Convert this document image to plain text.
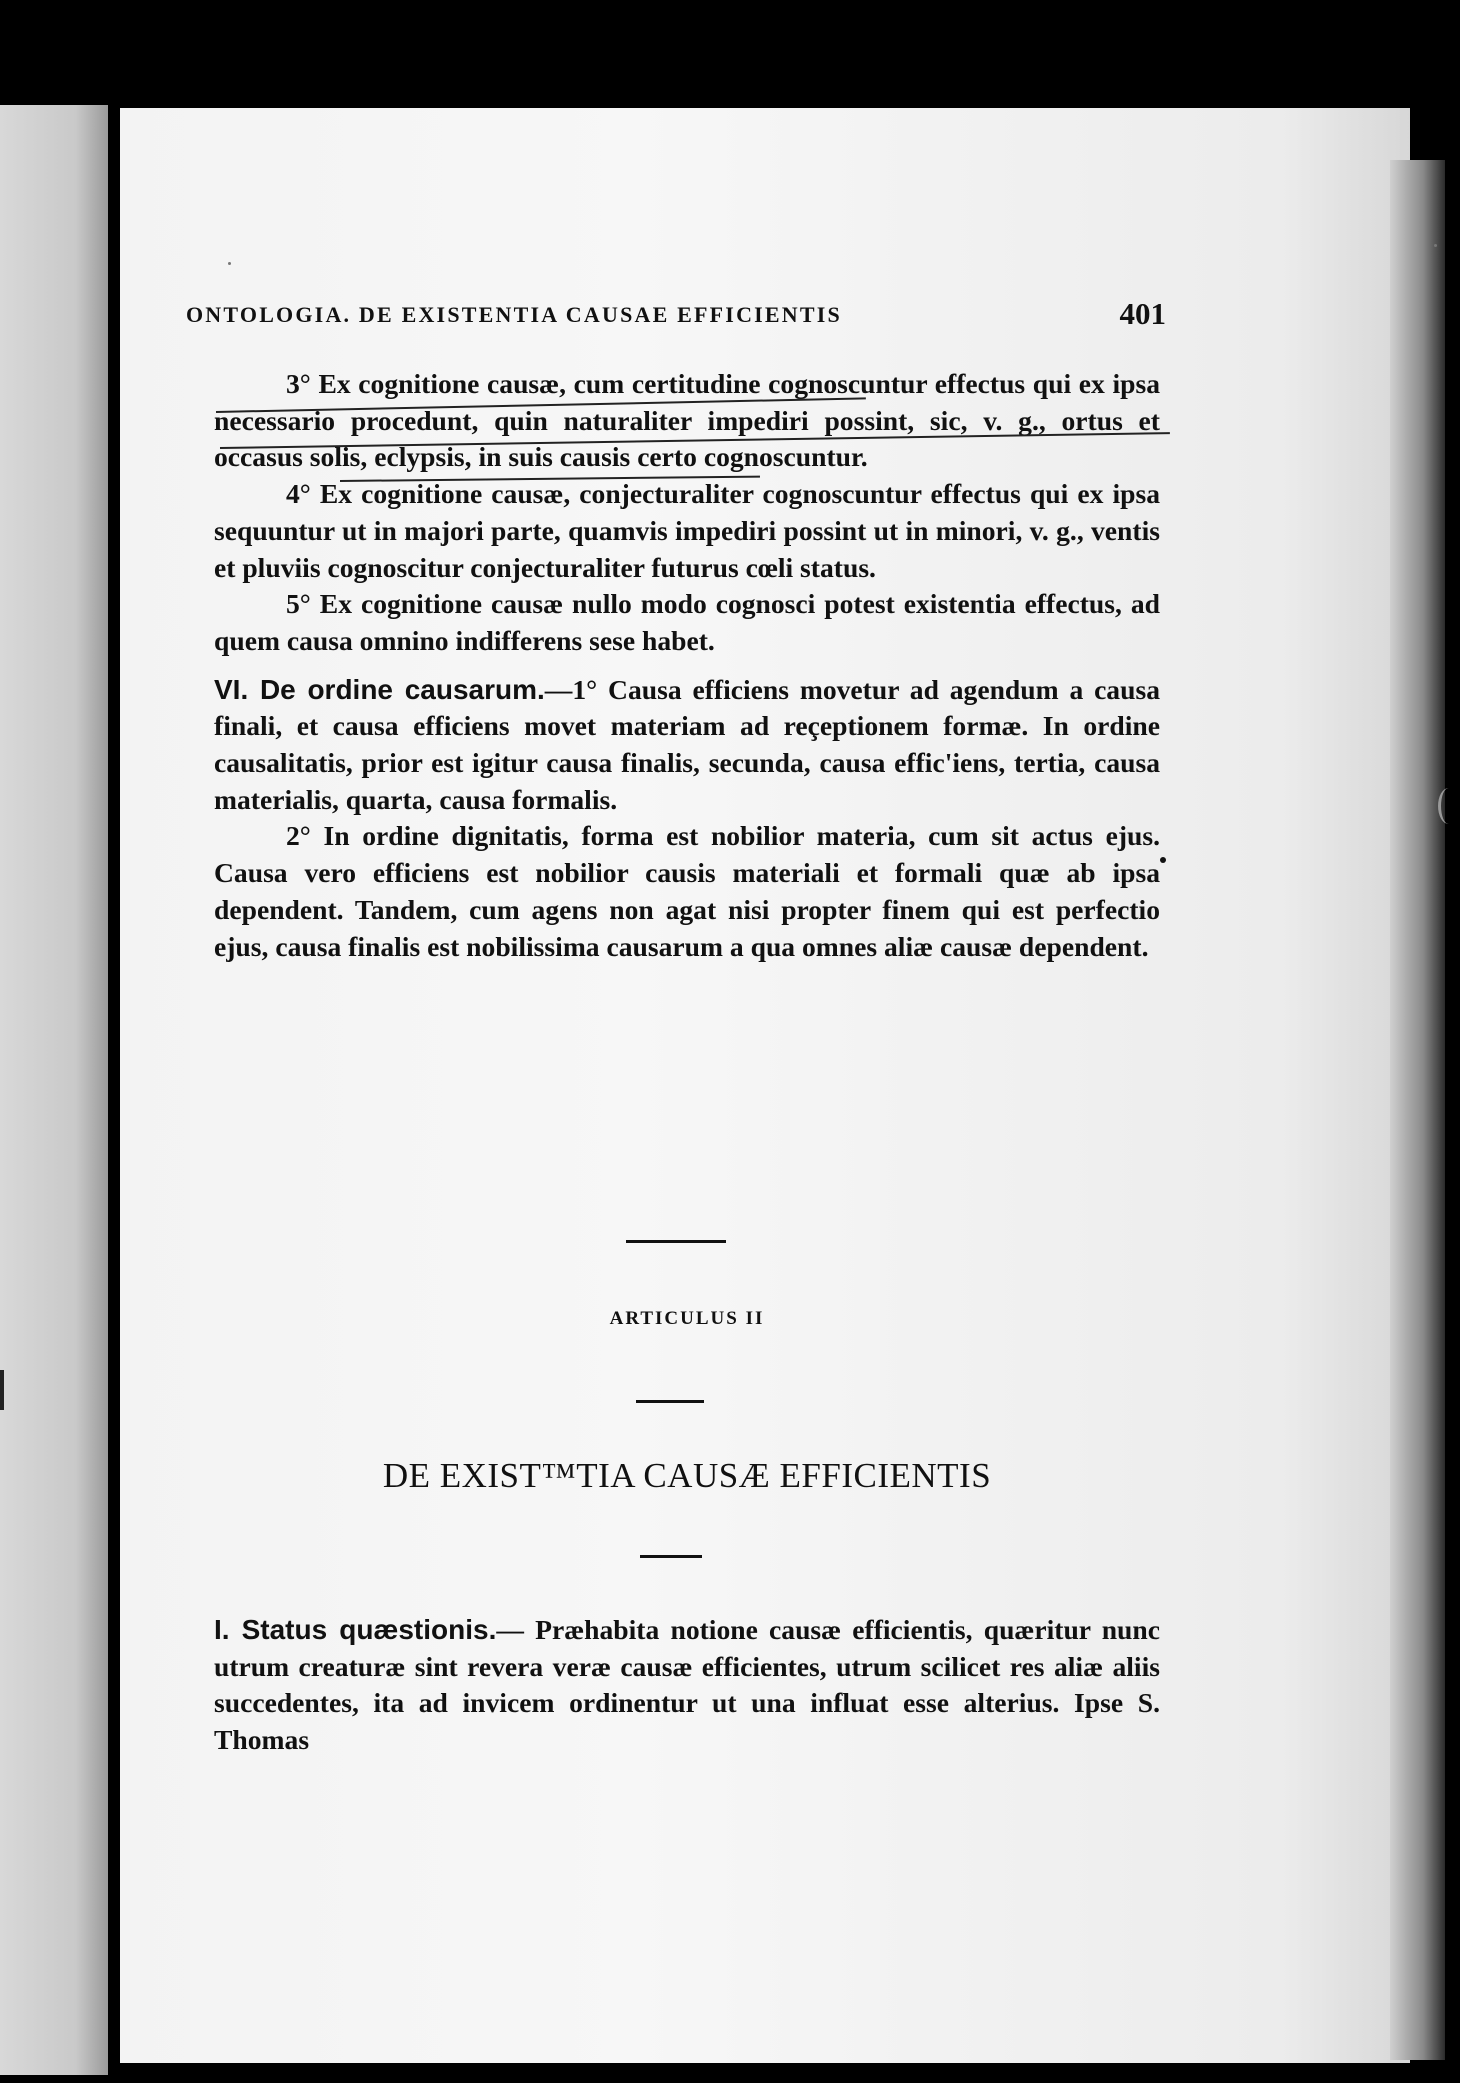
ONTOLOGIA. DE EXISTENTIA CAUSAE EFFICIENTIS	401

3° Ex cognitione causæ, cum certitudine cognoscuntur effectus qui ex ipsa necessario procedunt, quin naturaliter impediri possint, sic, v. g., ortus et occasus solis, eclypsis, in suis causis certo cognoscuntur.

4° Ex cognitione causæ, conjecturaliter cognoscuntur effectus qui ex ipsa sequuntur ut in majori parte, quamvis impediri possint ut in minori, v. g., ventis et pluviis cognoscitur conjecturaliter futurus cœli status.

5° Ex cognitione causæ nullo modo cognosci potest existentia effectus, ad quem causa omnino indifferens sese habet.

VI. De ordine causarum.—1° Causa efficiens movetur ad agendum a causa finali, et causa efficiens movet materiam ad reçeptionem formæ. In ordine causalitatis, prior est igitur causa finalis, secunda, causa effic'iens, tertia, causa materialis, quarta, causa formalis.

2° In ordine dignitatis, forma est nobilior materia, cum sit actus ejus. Causa vero efficiens est nobilior causis materiali et formali quæ ab ipsa dependent. Tandem, cum agens non agat nisi propter finem qui est perfectio ejus, causa finalis est nobilissima causarum a qua omnes aliæ causæ dependent.

ARTICULUS II
DE EXIST™TIA CAUSÆ EFFICIENTIS

I. Status quæstionis.— Præhabita notione causæ efficientis, quæritur nunc utrum creaturæ sint revera veræ causæ efficientes, utrum scilicet res aliæ aliis succedentes, ita ad invicem ordinentur ut una influat esse alterius. Ipse S. Thomas
